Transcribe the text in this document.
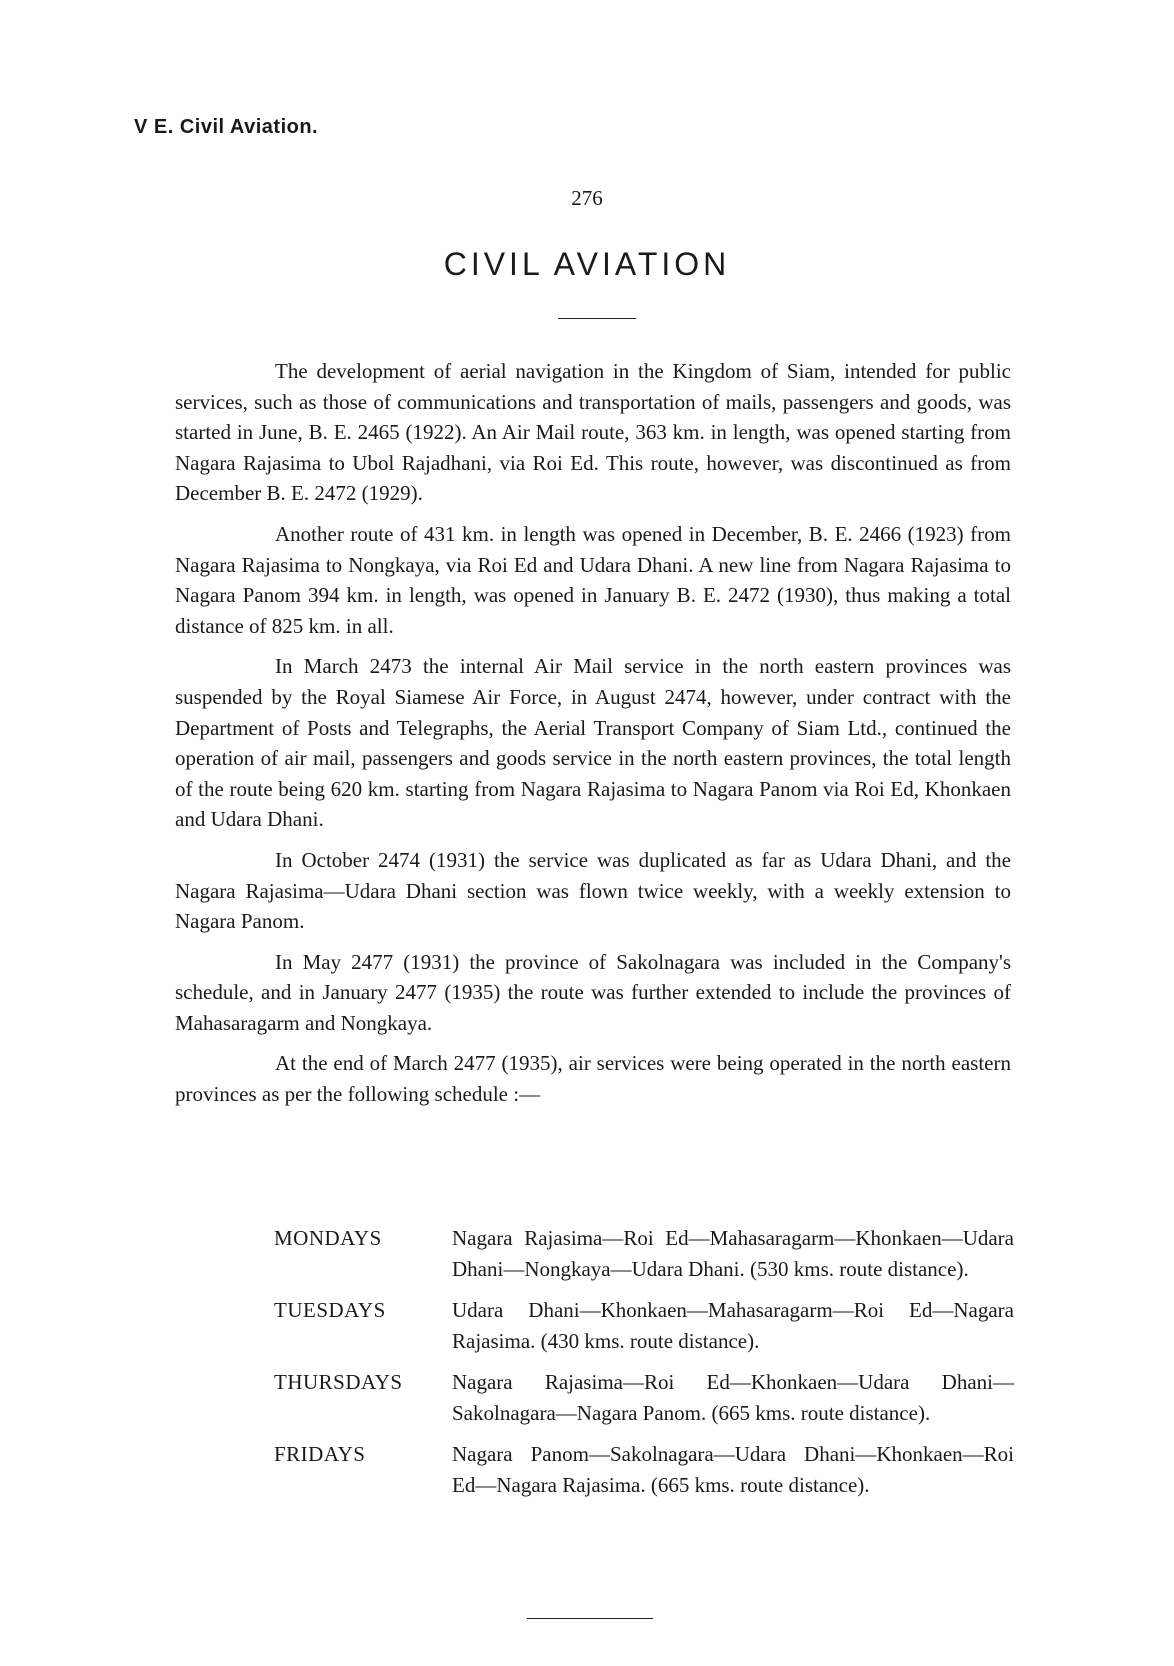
V E. Civil Aviation.
276
CIVIL AVIATION

The development of aerial navigation in the Kingdom of Siam, intended for public services, such as those of communications and transportation of mails, passengers and goods, was started in June, B. E. 2465 (1922). An Air Mail route, 363 km. in length, was opened starting from Nagara Rajasima to Ubol Rajadhani, via Roi Ed. This route, however, was discontinued as from December B. E. 2472 (1929).

Another route of 431 km. in length was opened in December, B. E. 2466 (1923) from Nagara Rajasima to Nongkaya, via Roi Ed and Udara Dhani. A new line from Nagara Rajasima to Nagara Panom 394 km. in length, was opened in January B. E. 2472 (1930), thus making a total distance of 825 km. in all.

In March 2473 the internal Air Mail service in the north eastern provinces was suspended by the Royal Siamese Air Force, in August 2474, however, under contract with the Department of Posts and Telegraphs, the Aerial Transport Company of Siam Ltd., continued the operation of air mail, passengers and goods service in the north eastern provinces, the total length of the route being 620 km. starting from Nagara Rajasima to Nagara Panom via Roi Ed, Khonkaen and Udara Dhani.

In October 2474 (1931) the service was duplicated as far as Udara Dhani, and the Nagara Rajasima—Udara Dhani section was flown twice weekly, with a weekly extension to Nagara Panom.

In May 2477 (1931) the province of Sakolnagara was included in the Company's schedule, and in January 2477 (1935) the route was further extended to include the provinces of Mahasaragarm and Nongkaya.

At the end of March 2477 (1935), air services were being operated in the north eastern provinces as per the following schedule :—

MONDAYS	Nagara Rajasima—Roi Ed—Mahasaragarm—Khonkaen—Udara Dhani—Nongkaya—Udara Dhani. (530 kms. route distance).
TUESDAYS	Udara Dhani—Khonkaen—Mahasaragarm—Roi Ed—Nagara Rajasima. (430 kms. route distance).
THURSDAYS	Nagara Rajasima—Roi Ed—Khonkaen—Udara Dhani—Sakolnagara—Nagara Panom. (665 kms. route distance).
FRIDAYS	Nagara Panom—Sakolnagara—Udara Dhani—Khonkaen—Roi Ed—Nagara Rajasima. (665 kms. route distance).
